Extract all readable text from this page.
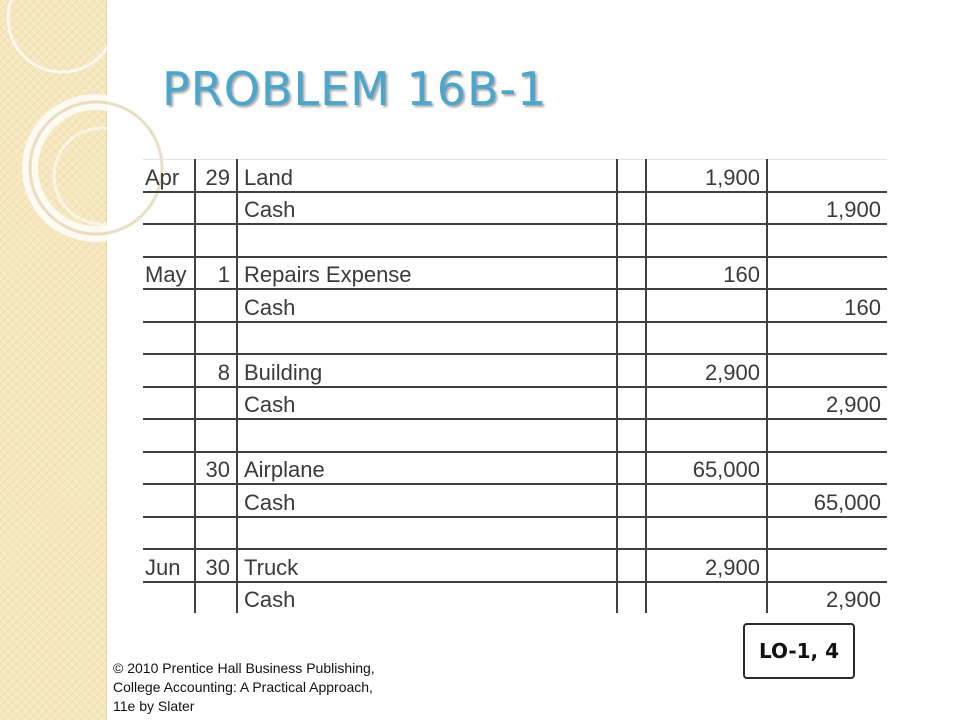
PROBLEM 16B-1
Apr	29	Land		1,900	
		Cash			1,900

May	1	Repairs Expense		160	
		Cash			160

	8	Building		2,900	
		Cash			2,900

	30	Airplane		65,000	
		Cash			65,000

Jun	30	Truck		2,900	
		Cash			2,900
LO-1, 4
© 2010 Prentice Hall Business Publishing, College Accounting: A Practical Approach, 11e by Slater
